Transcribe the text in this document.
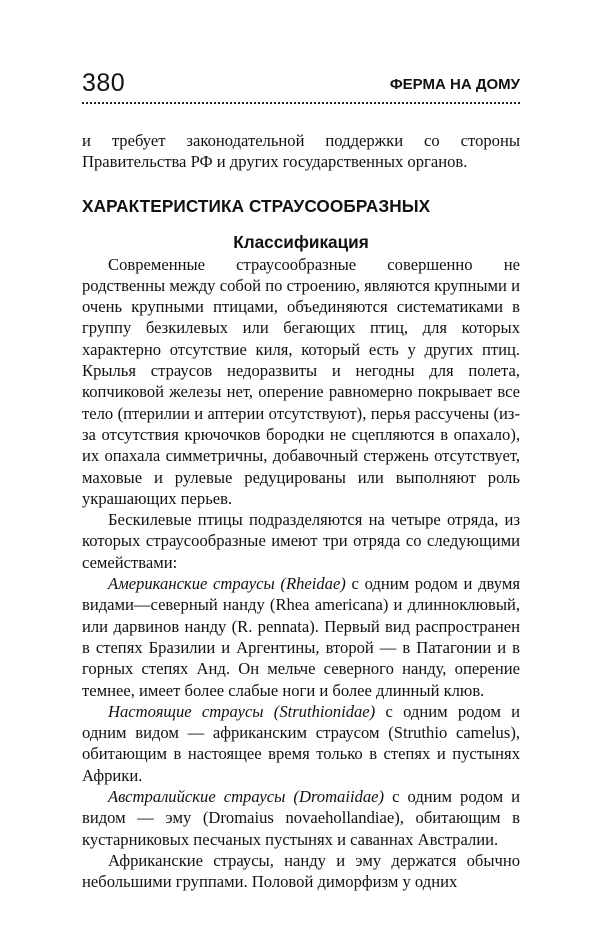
380	ФЕРМА НА ДОМУ

и требует законодательной поддержки со стороны Правительства РФ и других государственных органов.

ХАРАКТЕРИСТИКА СТРАУСООБРАЗНЫХ
Классификация

Современные страусообразные совершенно не родственны между собой по строению, являются крупными и очень крупными птицами, объединяются систематиками в группу безкилевых или бегающих птиц, для которых характерно отсутствие киля, который есть у других птиц. Крылья страусов недоразвиты и негодны для полета, копчиковой железы нет, оперение равномерно покрывает все тело (птерилии и аптерии отсутствуют), перья рассучены (из-за отсутствия крючочков бородки не сцепляются в опахало), их опахала симметричны, добавочный стержень отсутствует, маховые и рулевые редуцированы или выполняют роль украшающих перьев.

Бескилевые птицы подразделяются на четыре отряда, из которых страусообразные имеют три отряда со следующими семействами:

Американские страусы (Rheidae) с одним родом и двумя видами—северный нанду (Rhea americana) и длинноклювый, или дарвинов нанду (R. pennata). Первый вид распространен в степях Бразилии и Аргентины, второй — в Патагонии и в горных степях Анд. Он мельче северного нанду, оперение темнее, имеет более слабые ноги и более длинный клюв.

Настоящие страусы (Struthionidae) с одним родом и одним видом — африканским страусом (Struthio camelus), обитающим в настоящее время только в степях и пустынях Африки.

Австралийские страусы (Dromaiidae) с одним родом и видом — эму (Dromaius novaehollandiae), обитающим в кустарниковых песчаных пустынях и саваннах Австралии.

Африканские страусы, нанду и эму держатся обычно небольшими группами. Половой диморфизм у одних
